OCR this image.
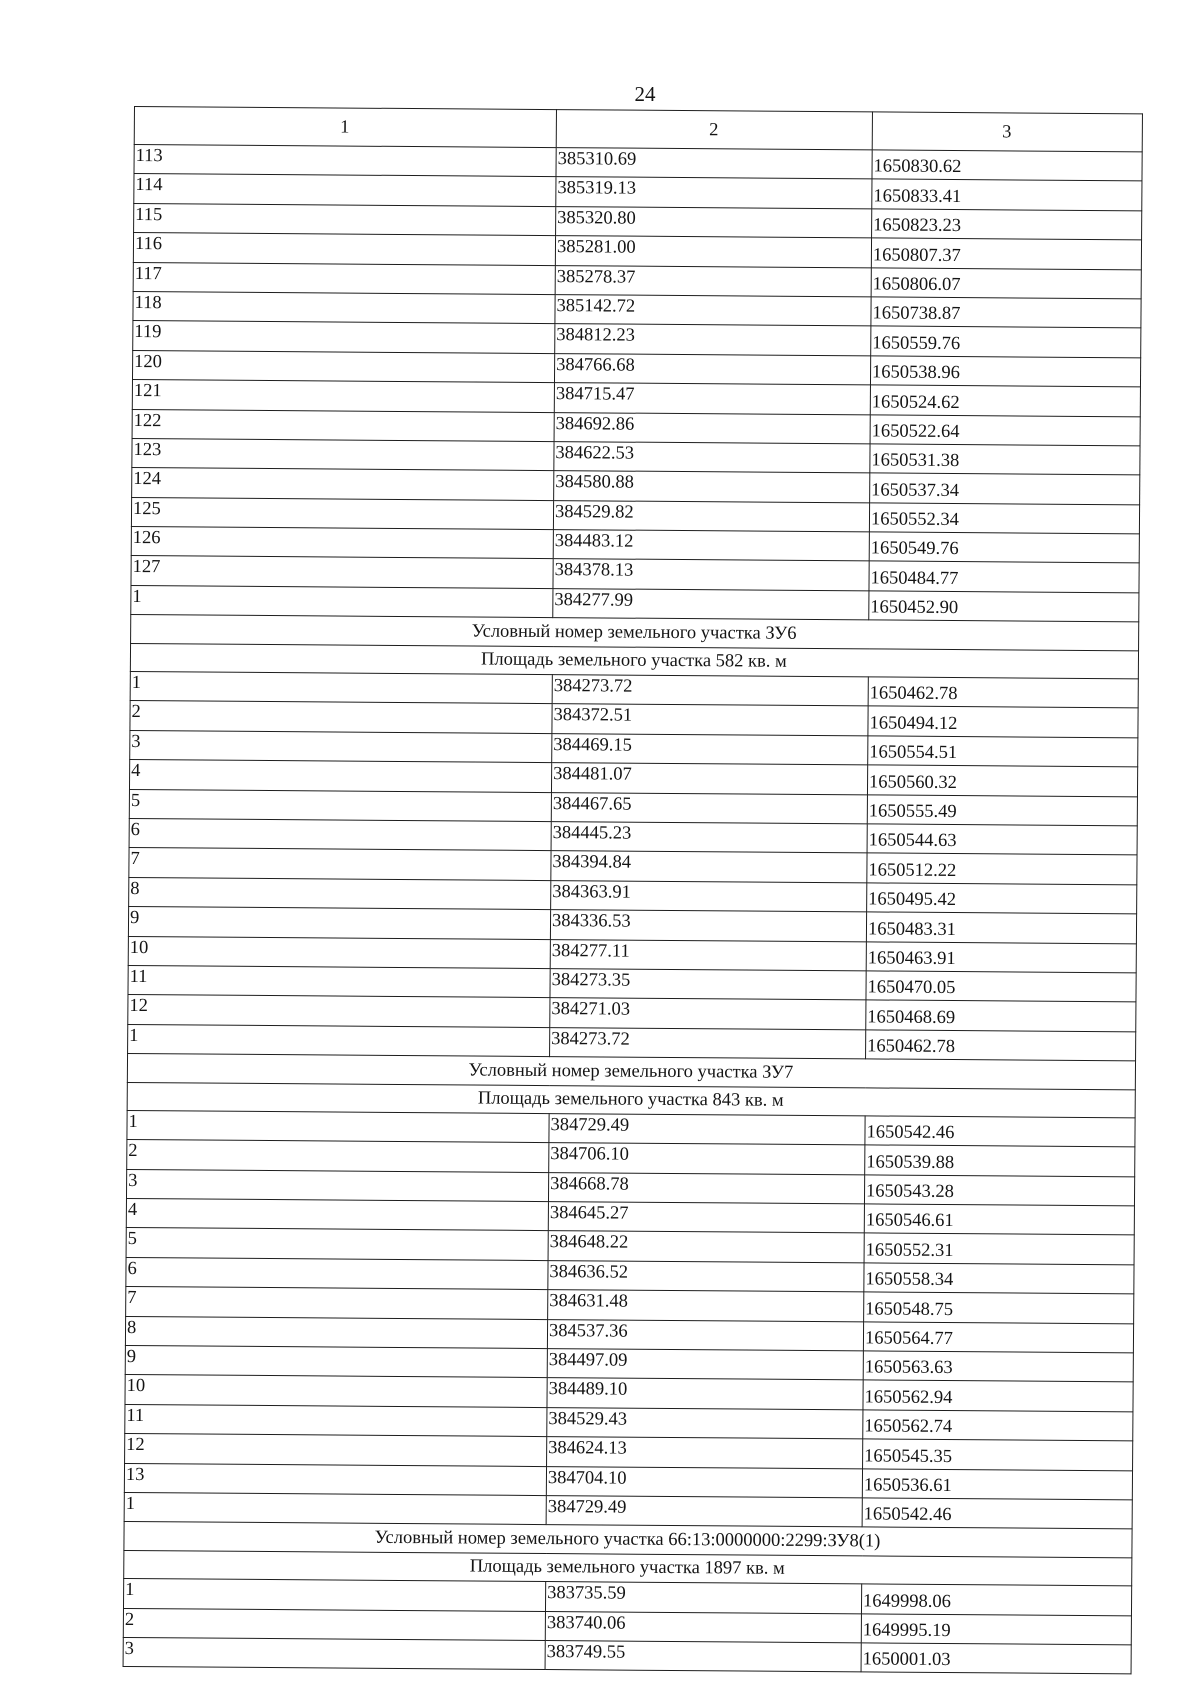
24
1	2	3
113	385310.69	1650830.62
114	385319.13	1650833.41
115	385320.80	1650823.23
116	385281.00	1650807.37
117	385278.37	1650806.07
118	385142.72	1650738.87
119	384812.23	1650559.76
120	384766.68	1650538.96
121	384715.47	1650524.62
122	384692.86	1650522.64
123	384622.53	1650531.38
124	384580.88	1650537.34
125	384529.82	1650552.34
126	384483.12	1650549.76
127	384378.13	1650484.77
1	384277.99	1650452.90
Условный номер земельного участка ЗУ6		
Площадь земельного участка 582 кв. м		
1	384273.72	1650462.78
2	384372.51	1650494.12
3	384469.15	1650554.51
4	384481.07	1650560.32
5	384467.65	1650555.49
6	384445.23	1650544.63
7	384394.84	1650512.22
8	384363.91	1650495.42
9	384336.53	1650483.31
10	384277.11	1650463.91
11	384273.35	1650470.05
12	384271.03	1650468.69
1	384273.72	1650462.78
Условный номер земельного участка ЗУ7		
Площадь земельного участка 843 кв. м		
1	384729.49	1650542.46
2	384706.10	1650539.88
3	384668.78	1650543.28
4	384645.27	1650546.61
5	384648.22	1650552.31
6	384636.52	1650558.34
7	384631.48	1650548.75
8	384537.36	1650564.77
9	384497.09	1650563.63
10	384489.10	1650562.94
11	384529.43	1650562.74
12	384624.13	1650545.35
13	384704.10	1650536.61
1	384729.49	1650542.46
Условный номер земельного участка 66:13:0000000:2299:ЗУ8(1)		
Площадь земельного участка 1897 кв. м		
1	383735.59	1649998.06
2	383740.06	1649995.19
3	383749.55	1650001.03
